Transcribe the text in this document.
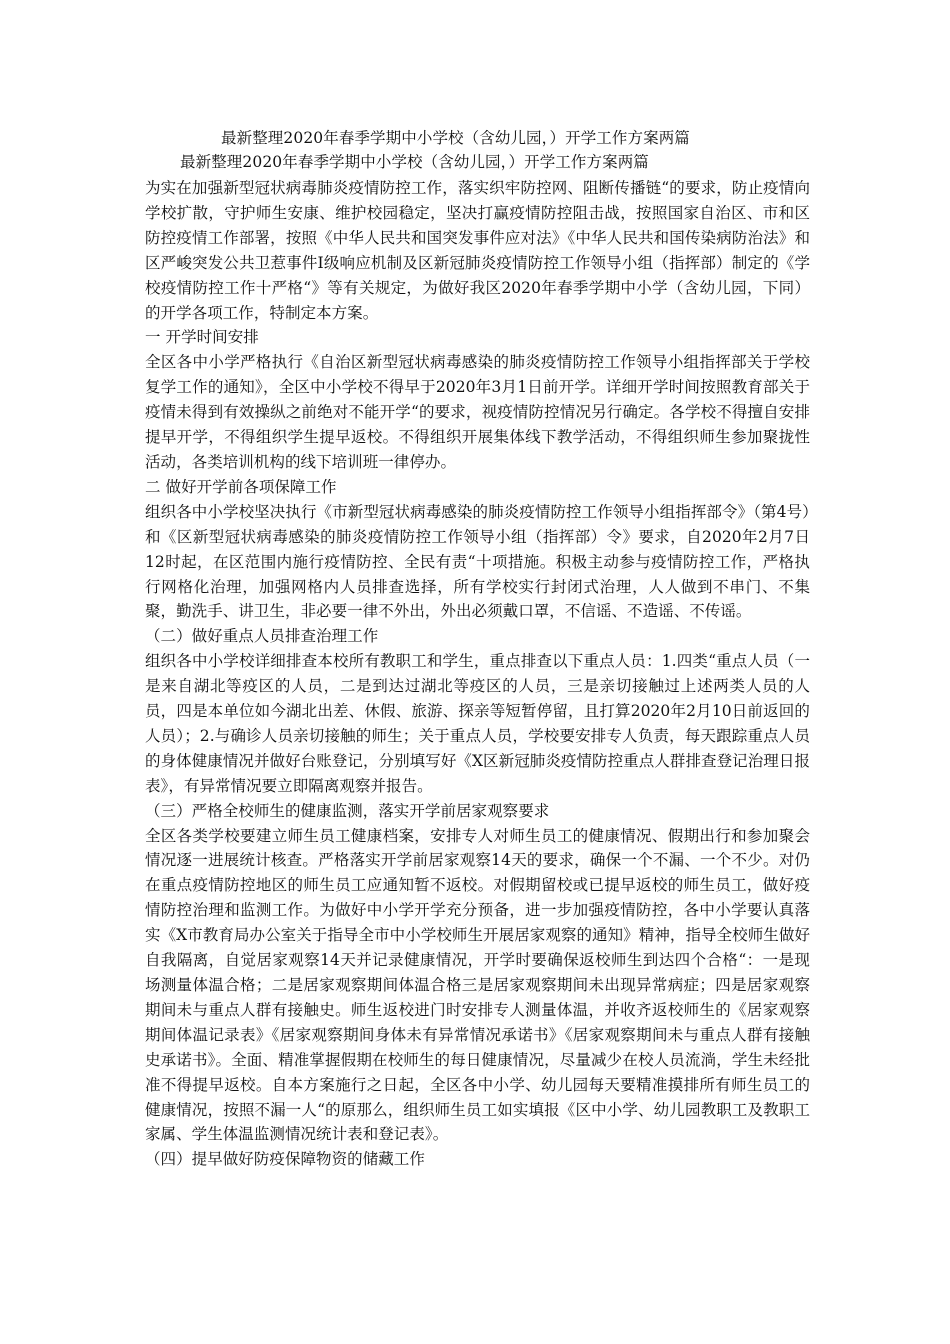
最新整理2020年春季学期中小学校（含幼儿园，）开学工作方案两篇
最新整理2020年春季学期中小学校（含幼儿园，）开学工作方案两篇

为实在加强新型冠状病毒肺炎疫情防控工作，落实织牢防控网、阻断传播链“的要求，防止疫情向学校扩散，守护师生安康、维护校园稳定，坚决打赢疫情防控阻击战，按照国家自治区、市和区防控疫情工作部署，按照《中华人民共和国突发事件应对法》《中华人民共和国传染病防治法》和区严峻突发公共卫惹事件Ⅰ级响应机制及区新冠肺炎疫情防控工作领导小组（指挥部）制定的《学校疫情防控工作十严格“》等有关规定，为做好我区2020年春季学期中小学（含幼儿园，下同）的开学各项工作，特制定本方案。

一 开学时间安排

全区各中小学严格执行《自治区新型冠状病毒感染的肺炎疫情防控工作领导小组指挥部关于学校复学工作的通知》，全区中小学校不得早于2020年3月1日前开学。详细开学时间按照教育部关于疫情未得到有效操纵之前绝对不能开学“的要求，视疫情防控情况另行确定。各学校不得擅自安排提早开学，不得组织学生提早返校。不得组织开展集体线下教学活动，不得组织师生参加聚拢性活动，各类培训机构的线下培训班一律停办。

二 做好开学前各项保障工作

组织各中小学校坚决执行《市新型冠状病毒感染的肺炎疫情防控工作领导小组指挥部令》（第4号）和《区新型冠状病毒感染的肺炎疫情防控工作领导小组（指挥部）令》要求，自2020年2月7日12时起，在区范围内施行疫情防控、全民有责“十项措施。积极主动参与疫情防控工作，严格执行网格化治理，加强网格内人员排查选择，所有学校实行封闭式治理，人人做到不串门、不集聚，勤洗手、讲卫生，非必要一律不外出，外出必须戴口罩，不信谣、不造谣、不传谣。

（二）做好重点人员排查治理工作

组织各中小学校详细排查本校所有教职工和学生，重点排查以下重点人员：1.四类“重点人员（一是来自湖北等疫区的人员，二是到达过湖北等疫区的人员，三是亲切接触过上述两类人员的人员，四是本单位如今湖北出差、休假、旅游、探亲等短暂停留，且打算2020年2月10日前返回的人员）；2.与确诊人员亲切接触的师生；关于重点人员，学校要安排专人负责，每天跟踪重点人员的身体健康情况并做好台账登记，分别填写好《X区新冠肺炎疫情防控重点人群排查登记治理日报表》，有异常情况要立即隔离观察并报告。

（三）严格全校师生的健康监测，落实开学前居家观察要求

全区各类学校要建立师生员工健康档案，安排专人对师生员工的健康情况、假期出行和参加聚会情况逐一进展统计核查。严格落实开学前居家观察14天的要求，确保一个不漏、一个不少。对仍在重点疫情防控地区的师生员工应通知暂不返校。对假期留校或已提早返校的师生员工，做好疫情防控治理和监测工作。为做好中小学开学充分预备，进一步加强疫情防控，各中小学要认真落实《X市教育局办公室关于指导全市中小学校师生开展居家观察的通知》精神，指导全校师生做好自我隔离，自觉居家观察14天并记录健康情况，开学时要确保返校师生到达四个合格“：一是现场测量体温合格；二是居家观察期间体温合格三是居家观察期间未出现异常病症；四是居家观察期间未与重点人群有接触史。师生返校进门时安排专人测量体温，并收齐返校师生的《居家观察期间体温记录表》《居家观察期间身体未有异常情况承诺书》《居家观察期间未与重点人群有接触史承诺书》。全面、精准掌握假期在校师生的每日健康情况，尽量减少在校人员流淌，学生未经批准不得提早返校。自本方案施行之日起，全区各中小学、幼儿园每天要精准摸排所有师生员工的健康情况，按照不漏一人“的原那么，组织师生员工如实填报《区中小学、幼儿园教职工及教职工家属、学生体温监测情况统计表和登记表》。

（四）提早做好防疫保障物资的储藏工作
